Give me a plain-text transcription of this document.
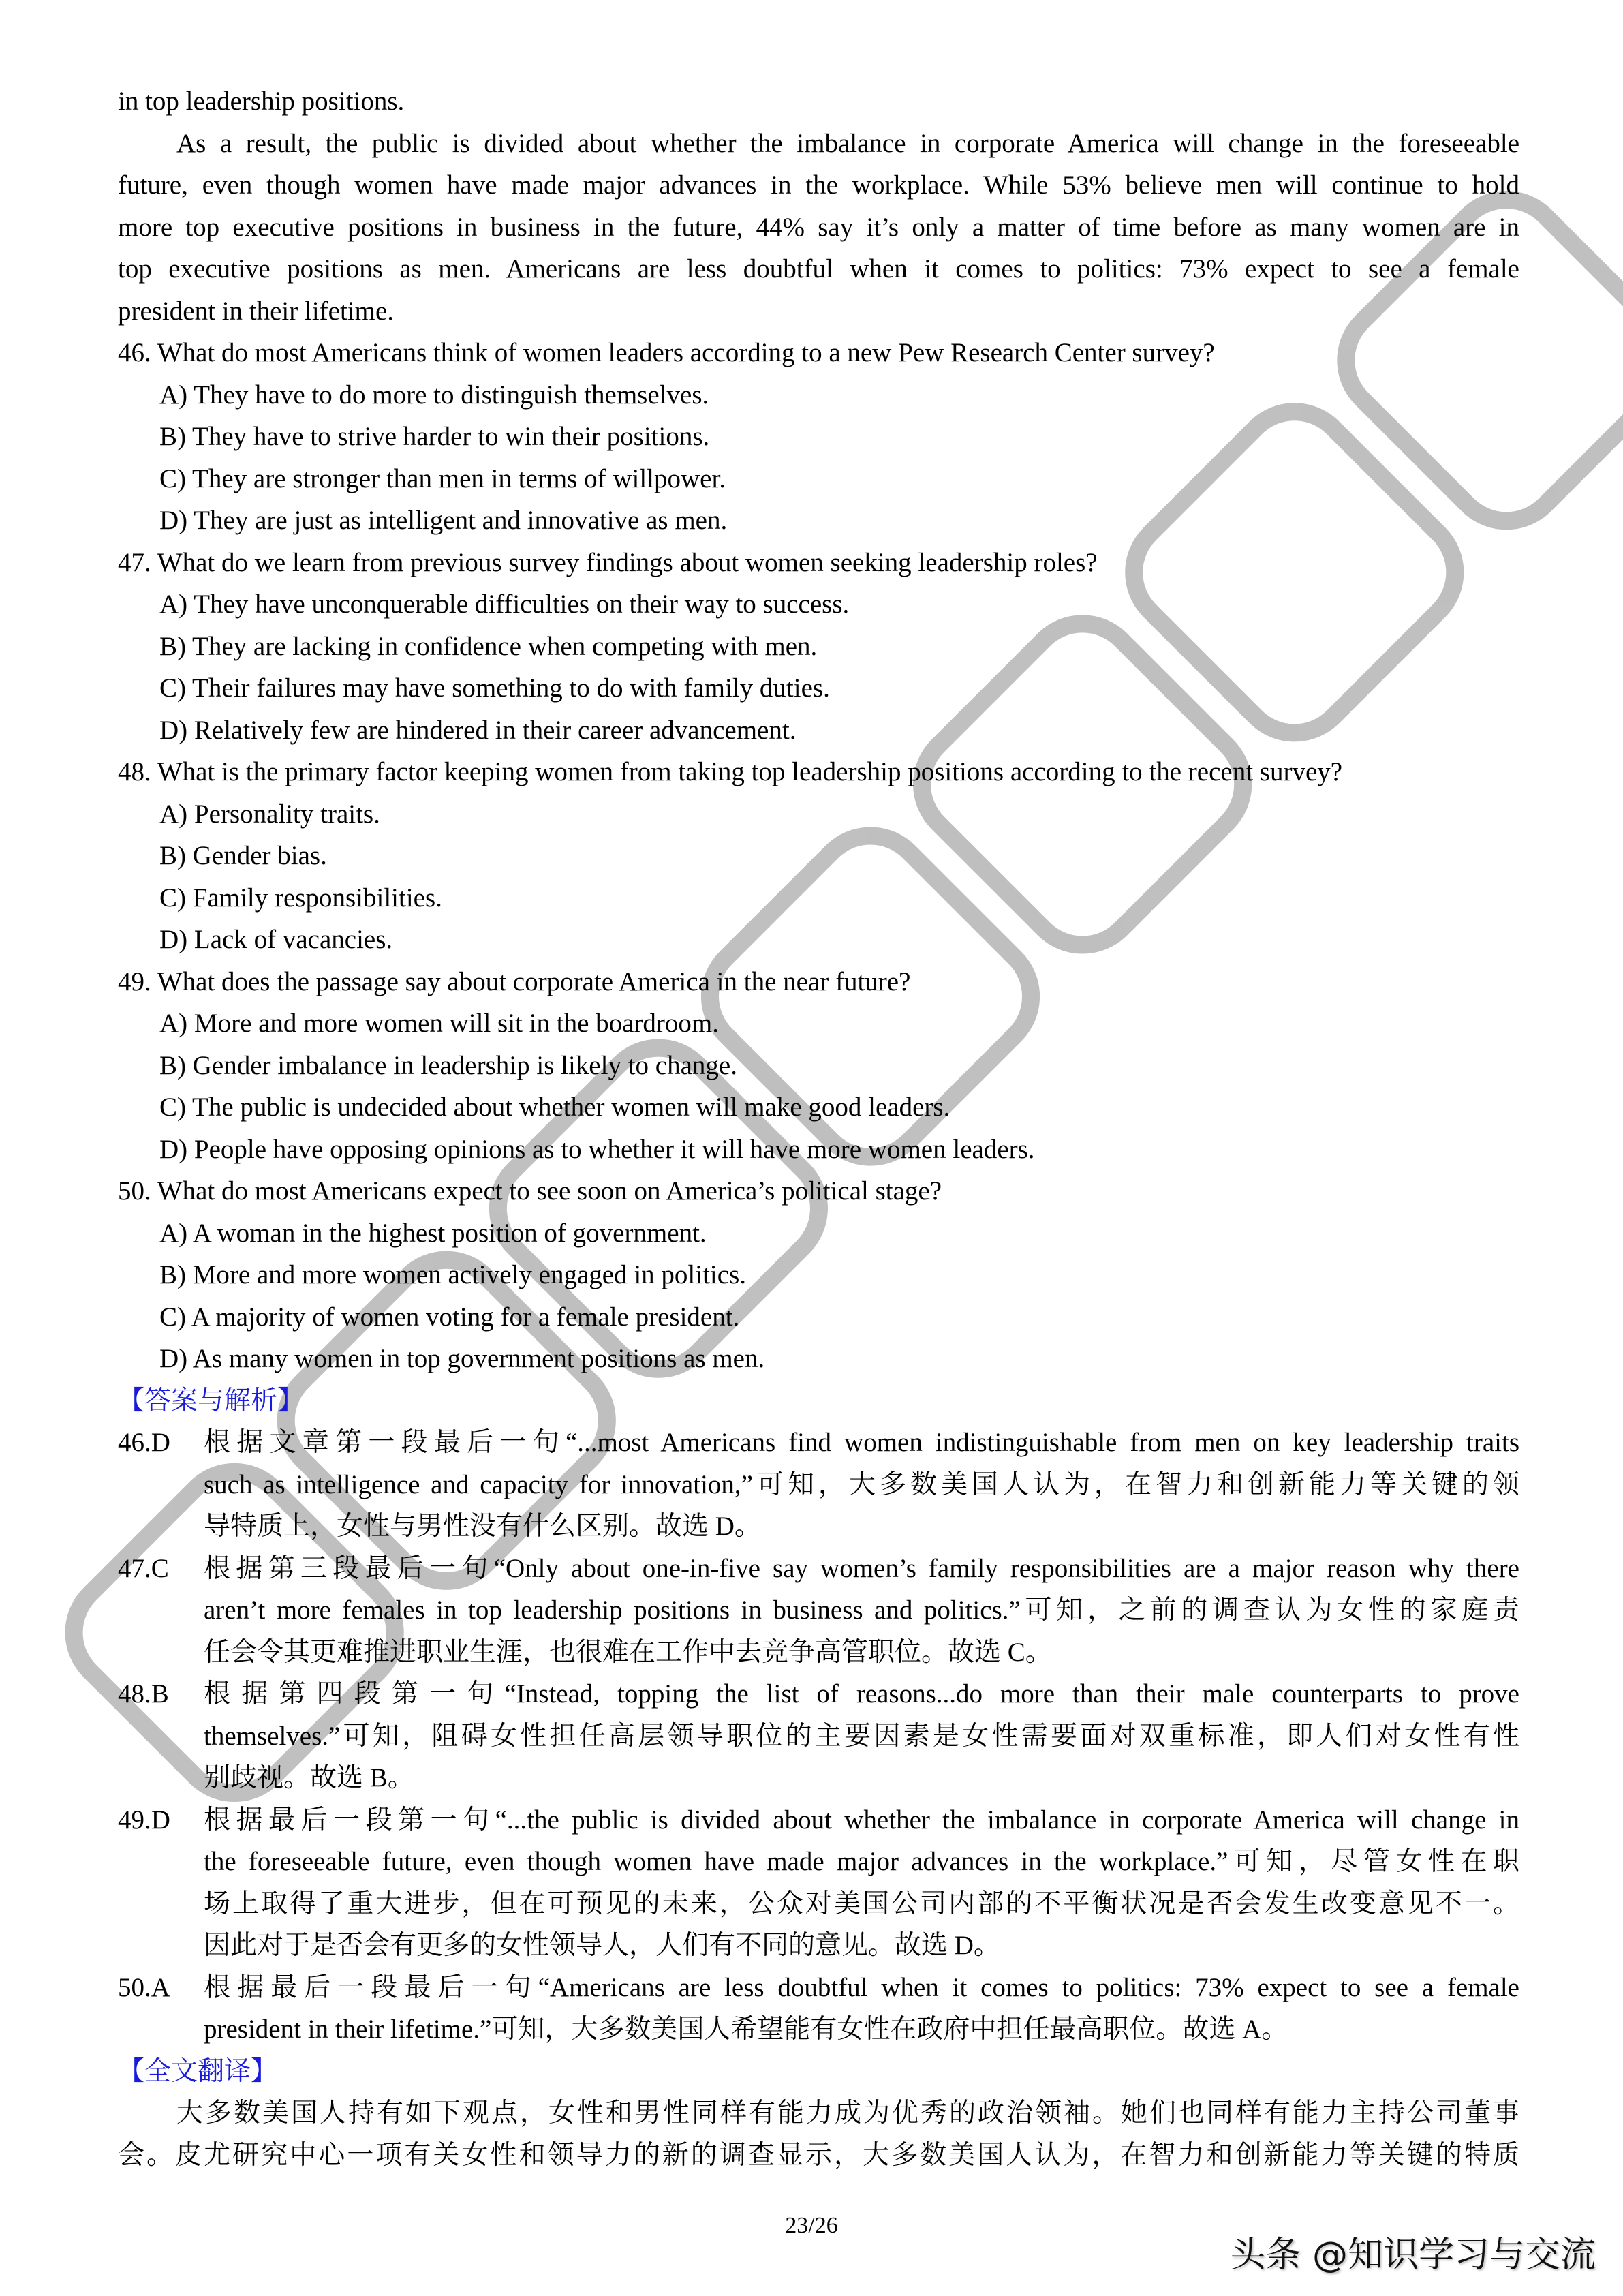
in top leadership positions.
As a result, the public is divided about whether the imbalance in corporate America will change in the foreseeable
future, even though women have made major advances in the workplace. While 53% believe men will continue to hold
more top executive positions in business in the future, 44% say it’s only a matter of time before as many women are in
top executive positions as men. Americans are less doubtful when it comes to politics: 73% expect to see a female
president in their lifetime.
46. What do most Americans think of women leaders according to a new Pew Research Center survey?
A) They have to do more to distinguish themselves.
B) They have to strive harder to win their positions.
C) They are stronger than men in terms of willpower.
D) They are just as intelligent and innovative as men.
47. What do we learn from previous survey findings about women seeking leadership roles?
A) They have unconquerable difficulties on their way to success.
B) They are lacking in confidence when competing with men.
C) Their failures may have something to do with family duties.
D) Relatively few are hindered in their career advancement.
48. What is the primary factor keeping women from taking top leadership positions according to the recent survey?
A) Personality traits.
B) Gender bias.
C) Family responsibilities.
D) Lack of vacancies.
49. What does the passage say about corporate America in the near future?
A) More and more women will sit in the boardroom.
B) Gender imbalance in leadership is likely to change.
C) The public is undecided about whether women will make good leaders.
D) People have opposing opinions as to whether it will have more women leaders.
50. What do most Americans expect to see soon on America’s political stage?
A) A woman in the highest position of government.
B) More and more women actively engaged in politics.
C) A majority of women voting for a female president.
D) As many women in top government positions as men.
【答案与解析】
46.D 根据文章第一段最后一句“...most Americans find women indistinguishable from men on key leadership traits
such as intelligence and capacity for innovation,”可知，大多数美国人认为，在智力和创新能力等关键的领
导特质上，女性与男性没有什么区别。故选 D。
47.C 根据第三段最后一句“Only about one-in-five say women’s family responsibilities are a major reason why there
aren’t more females in top leadership positions in business and politics.”可知，之前的调查认为女性的家庭责
任会令其更难推进职业生涯，也很难在工作中去竞争高管职位。故选 C。
48.B 根据第四段第一句“Instead, topping the list of reasons...do more than their male counterparts to prove
themselves.”可知，阻碍女性担任高层领导职位的主要因素是女性需要面对双重标准，即人们对女性有性
别歧视。故选 B。
49.D 根据最后一段第一句“...the public is divided about whether the imbalance in corporate America will change in
the foreseeable future, even though women have made major advances in the workplace.”可知，尽管女性在职
场上取得了重大进步，但在可预见的未来，公众对美国公司内部的不平衡状况是否会发生改变意见不一。
因此对于是否会有更多的女性领导人，人们有不同的意见。故选 D。
50.A 根据最后一段最后一句“Americans are less doubtful when it comes to politics: 73% expect to see a female
president in their lifetime.”可知，大多数美国人希望能有女性在政府中担任最高职位。故选 A。
【全文翻译】
大多数美国人持有如下观点，女性和男性同样有能力成为优秀的政治领袖。她们也同样有能力主持公司董事
会。皮尤研究中心一项有关女性和领导力的新的调查显示，大多数美国人认为，在智力和创新能力等关键的特质
23/26
头条 @知识学习与交流
